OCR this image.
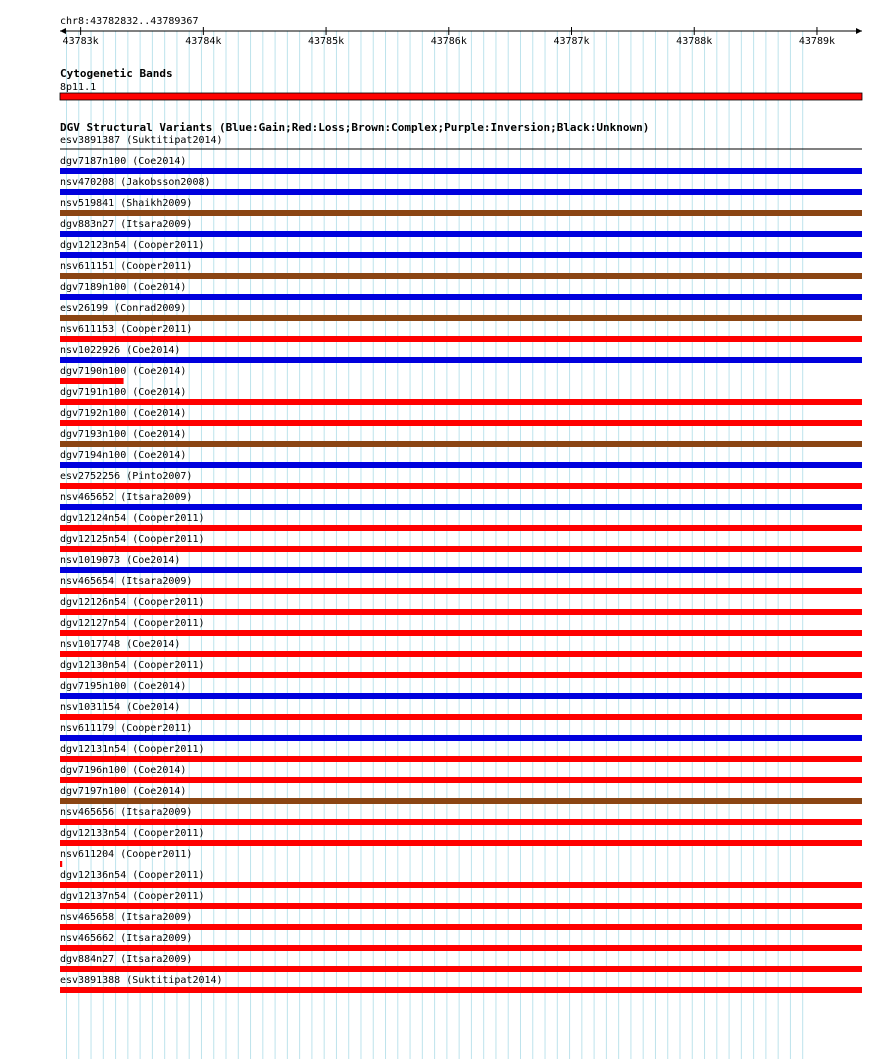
chr8:43782832..43789367
43783k	43784k	43785k	43786k	43787k	43788k	43789k
Cytogenetic Bands
8p11.1
DGV Structural Variants (Blue:Gain;Red:Loss;Brown:Complex;Purple:Inversion;Black:Unknown)
esv3891387 (Suktitipat2014)
dgv7187n100 (Coe2014)
nsv470208 (Jakobsson2008)
nsv519841 (Shaikh2009)
dgv883n27 (Itsara2009)
dgv12123n54 (Cooper2011)
nsv611151 (Cooper2011)
dgv7189n100 (Coe2014)
esv26199 (Conrad2009)
nsv611153 (Cooper2011)
nsv1022926 (Coe2014)
dgv7190n100 (Coe2014)
dgv7191n100 (Coe2014)
dgv7192n100 (Coe2014)
dgv7193n100 (Coe2014)
dgv7194n100 (Coe2014)
esv2752256 (Pinto2007)
nsv465652 (Itsara2009)
dgv12124n54 (Cooper2011)
dgv12125n54 (Cooper2011)
nsv1019073 (Coe2014)
nsv465654 (Itsara2009)
dgv12126n54 (Cooper2011)
dgv12127n54 (Cooper2011)
nsv1017748 (Coe2014)
dgv12130n54 (Cooper2011)
dgv7195n100 (Coe2014)
nsv1031154 (Coe2014)
nsv611179 (Cooper2011)
dgv12131n54 (Cooper2011)
dgv7196n100 (Coe2014)
dgv7197n100 (Coe2014)
nsv465656 (Itsara2009)
dgv12133n54 (Cooper2011)
nsv611204 (Cooper2011)
dgv12136n54 (Cooper2011)
dgv12137n54 (Cooper2011)
nsv465658 (Itsara2009)
nsv465662 (Itsara2009)
dgv884n27 (Itsara2009)
esv3891388 (Suktitipat2014)
